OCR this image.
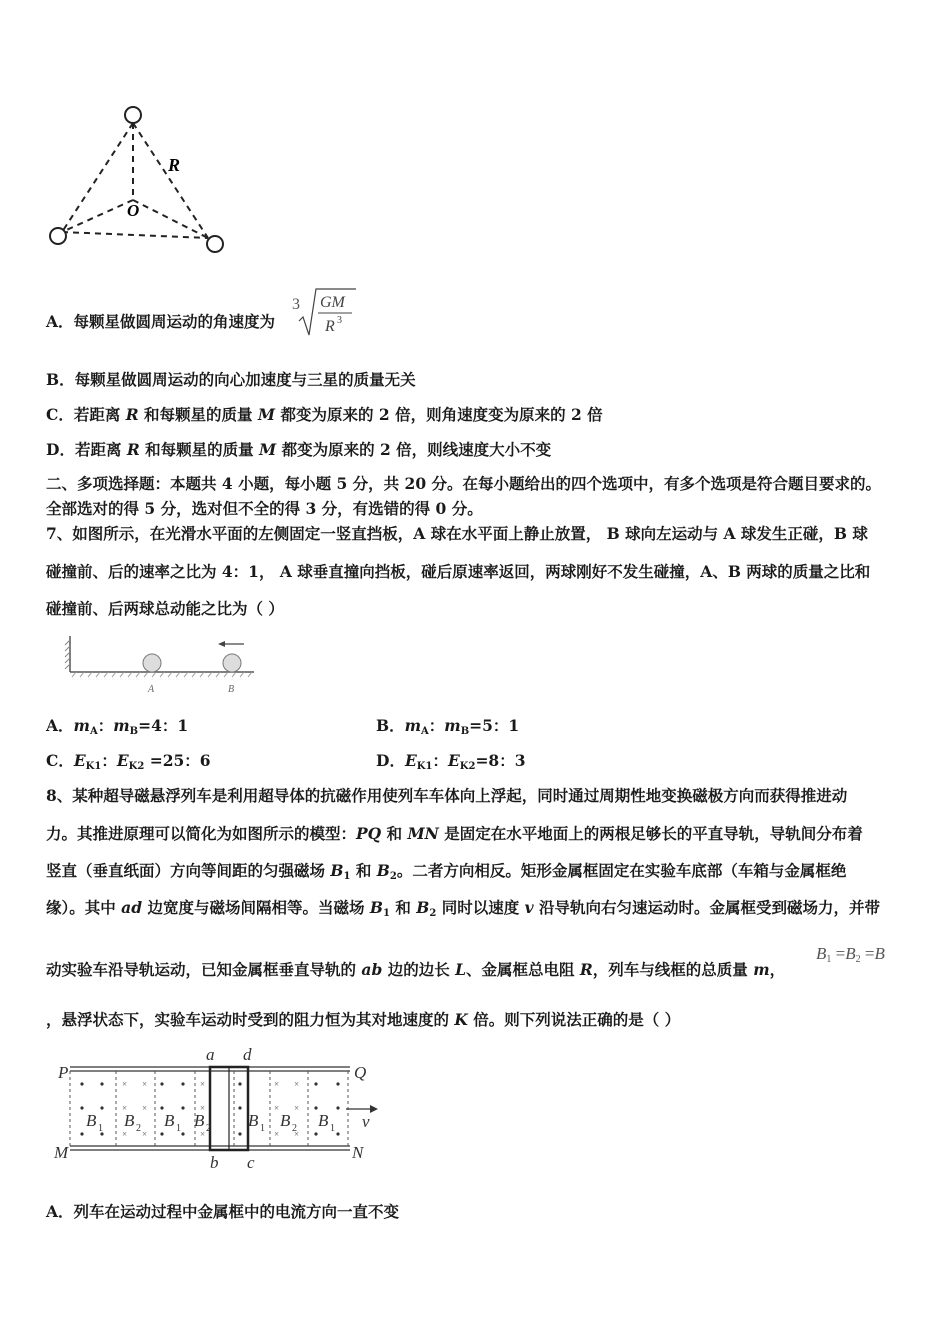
R
O
A．每颗星做圆周运动的角速度为
3 GM
R 3
B．每颗星做圆周运动的向心加速度与三星的质量无关
C．若距离 R 和每颗星的质量 M 都变为原来的 2 倍，则角速度变为原来的 2 倍
D．若距离 R 和每颗星的质量 M 都变为原来的 2 倍，则线速度大小不变
二、多项选择题：本题共 4 小题，每小题 5 分，共 20 分。在每小题给出的四个选项中，有多个选项是符合题目要求的。
全部选对的得 5 分，选对但不全的得 3 分，有选错的得 0 分。
7、如图所示，在光滑水平面的左侧固定一竖直挡板，A 球在水平面上静止放置， B 球向左运动与 A 球发生正碰，B 球
碰撞前、后的速率之比为 4：1， A 球垂直撞向挡板，碰后原速率返回，两球刚好不发生碰撞，A、B 两球的质量之比和
碰撞前、后两球总动能之比为（ ）
A	B
A．$m_A$：$m_B=4$：1	B．$m_A$：$m_B=5$：1
C．$E_{K1}$：$E_{K2} =25$：6	D．$E_{K1}$：$E_{K2}=8$：3
8、某种超导磁悬浮列车是利用超导体的抗磁作用使列车车体向上浮起，同时通过周期性地变换磁极方向而获得推进动
力。其推进原理可以简化为如图所示的模型：PQ 和 MN 是固定在水平地面上的两根足够长的平直导轨，导轨间分布着
竖直（垂直纸面）方向等间距的匀强磁场 $B_1$ 和 $B_2$。二者方向相反。矩形金属框固定在实验车底部（车箱与金属框绝
缘）。其中 ad 边宽度与磁场间隔相等。当磁场 $B_1$ 和 $B_2$ 同时以速度 v 沿导轨向右匀速运动时。金属框受到磁场力，并带
动实验车沿导轨运动，已知金属框垂直导轨的 ab 边的边长 L、金属框总电阻 R，列车与线框的总质量 m，
$B_1 =B_2 =B$
，悬浮状态下，实验车运动时受到的阻力恒为其对地速度的 K 倍。则下列说法正确的是（ ）
× ×
× ×
× ×
×
×
×
× ×
× ×
× ×
B B B B	B B B
1	2	1	2	1	2	1
P	Q
M	N
a d
b c
v
A．列车在运动过程中金属框中的电流方向一直不变
